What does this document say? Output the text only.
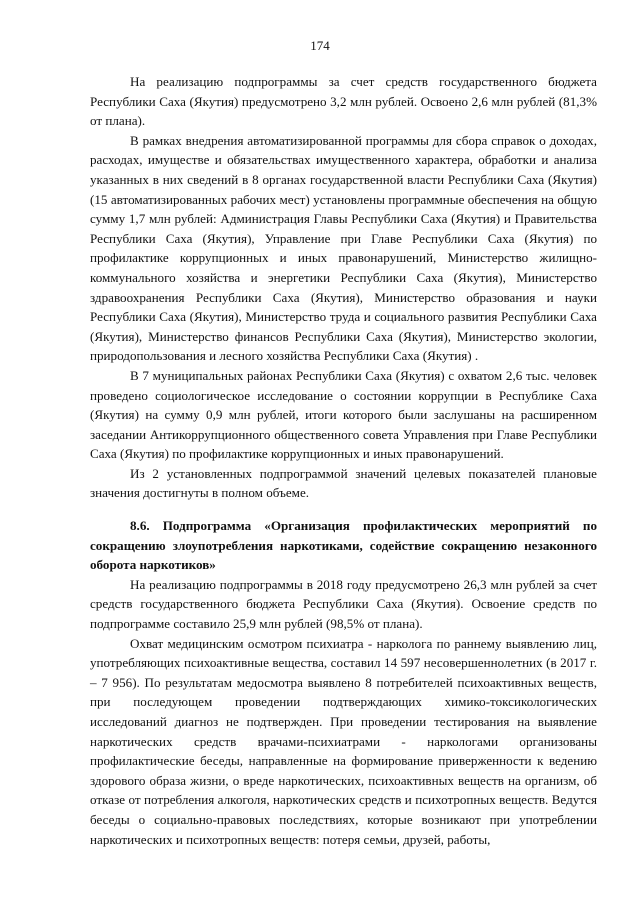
174

На реализацию подпрограммы за счет средств государственного бюджета Республики Саха (Якутия) предусмотрено 3,2 млн рублей. Освоено 2,6 млн рублей (81,3% от плана).

В рамках внедрения автоматизированной программы для сбора справок о доходах, расходах, имуществе и обязательствах имущественного характера, обработки и анализа указанных в них сведений в 8 органах государственной власти Республики Саха (Якутия) (15 автоматизированных рабочих мест) установлены программные обеспечения на общую сумму 1,7 млн рублей: Администрация Главы Республики Саха (Якутия) и Правительства Республики Саха (Якутия), Управление при Главе Республики Саха (Якутия) по профилактике коррупционных и иных правонарушений, Министерство жилищно-коммунального хозяйства и энергетики Республики Саха (Якутия), Министерство здравоохранения Республики Саха (Якутия), Министерство образования и науки Республики Саха (Якутия), Министерство труда и социального развития Республики Саха (Якутия), Министерство финансов Республики Саха (Якутия), Министерство экологии, природопользования и лесного хозяйства Республики Саха (Якутия) .

В 7 муниципальных районах Республики Саха (Якутия) с охватом 2,6 тыс. человек проведено социологическое исследование о состоянии коррупции в Республике Саха (Якутия) на сумму 0,9 млн рублей, итоги которого были заслушаны на расширенном заседании Антикоррупционного общественного совета Управления при Главе Республики Саха (Якутия) по профилактике коррупционных и иных правонарушений.

Из 2 установленных подпрограммой значений целевых показателей плановые значения достигнуты в полном объеме.

8.6. Подпрограмма «Организация профилактических мероприятий по сокращению злоупотребления наркотиками, содействие сокращению незаконного оборота наркотиков»

На реализацию подпрограммы в 2018 году предусмотрено 26,3 млн рублей за счет средств государственного бюджета Республики Саха (Якутия). Освоение средств по подпрограмме составило 25,9 млн рублей (98,5% от плана).

Охват медицинским осмотром психиатра - нарколога по раннему выявлению лиц, употребляющих психоактивные вещества, составил 14 597 несовершеннолетних (в 2017 г. – 7 956). По результатам медосмотра выявлено 8 потребителей психоактивных веществ, при последующем проведении подтверждающих химико-токсикологических исследований диагноз не подтвержден. При проведении тестирования на выявление наркотических средств врачами-психиатрами - наркологами организованы профилактические беседы, направленные на формирование приверженности к ведению здорового образа жизни, о вреде наркотических, психоактивных веществ на организм, об отказе от потребления алкоголя, наркотических средств и психотропных веществ. Ведутся беседы о социально-правовых последствиях, которые возникают при употреблении наркотических и психотропных веществ: потеря семьи, друзей, работы,
